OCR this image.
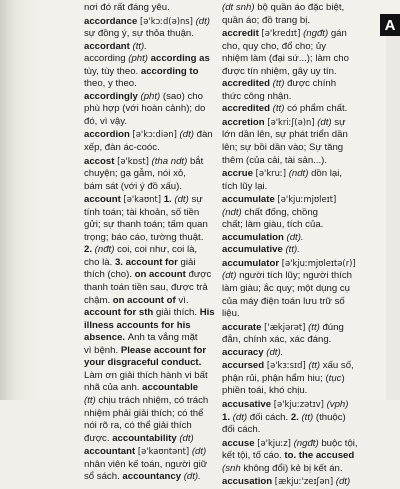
nơi đó rất đáng yêu.
accordance [ə'kɔːd(ə)ns] (dt)
sự đồng ý, sự thỏa thuận.
accordant (tt).
according (pht) according as
tùy, tùy theo. according to
theo, y theo.
accordingly (pht) (sao) cho
phù hợp (với hoàn cảnh); do
đó, vì vậy.
accordion [ə'kɔːdiən] (dt) đàn
xếp, đàn ác-coóc.
accost [ə'kɒst] (tha ndt) bắt
chuyện; gạ gẫm, nói xỏ,
bám sát (với ý đồ xấu).
account [ə'kaʊnt] 1. (dt) sự
tính toán; tài khoản, số tiền
gửi; sự thanh toán; tấm quan
trọng; báo cáo, tường thuật.
2. (nđt) coi, coi như, coi là,
cho là. 3. account for giải
thích (cho). on account được
thanh toán tiền sau, được trả
chậm. on account of vì.
account for sth giải thích. His
illness accounts for his
absence. Anh ta vắng mặt
vì bệnh. Please account for
your disgraceful conduct.
Làm ơn giải thích hành vi bất
nhã của anh. accountable
(tt) chịu trách nhiệm, có trách
nhiệm phải giải thích; có thể
nói rõ ra, có thể giải thích
được. accountability (dt)
accountant [ə'kaʊntənt] (dt)
nhân viên kế toán, người giữ
sổ sách. accountancy (dt).
(dt snh) bộ quần áo đặc biệt,
quần áo; đồ trang bị.
accredit [ə'kredɪt] (ngđt) gán
cho, quy cho, đổ cho; ủy
nhiệm làm (đại sứ...); làm cho
được tín nhiệm, gây uy tín.
accredited (tt) được chính
thức công nhận.
accredited (tt) có phẩm chất.
accretion [ə'kriːʃ(ə)n] (dt) sự
lớn dần lên, sự phát triển dần
lên; sự bồi dần vào; Sự tăng
thêm (của cải, tài sản...).
accrue [ə'kruː] (ndt) dồn lại,
tích lũy lại.
accumulate [ə'kjuːmjʊleɪt]
(ndt) chất đống, chồng
chất; làm giàu, tích của.
accumulation (dt).
accumulative (tt).
accumulator [ə'kjuːmjʊleɪtə(r)]
(dt) người tích lũy; người thích
làm giàu; ắc quy; một dụng cụ
của máy điện toán lưu trữ số
liệu.
accurate ['ækjərət] (tt) đúng
đắn, chính xác, xác đáng.
accuracy (dt).
accursed [ə'kɜːsɪd] (tt) xấu số,
phận rủi, phận hẩm hiu; (tục)
phiền toái, khó chịu.
accusative [ə'kjuːzətɪv] (vph)
1. (dt) đối cách. 2. (tt) (thuộc)
đối cách.
accuse [ə'kjuːz] (ngđt) buộc tội,
kết tội, tố cáo. to. the accused
(snh không đổi) kẻ bị kết án.
accusation [ækjuː'zeɪʃən] (dt)
A
